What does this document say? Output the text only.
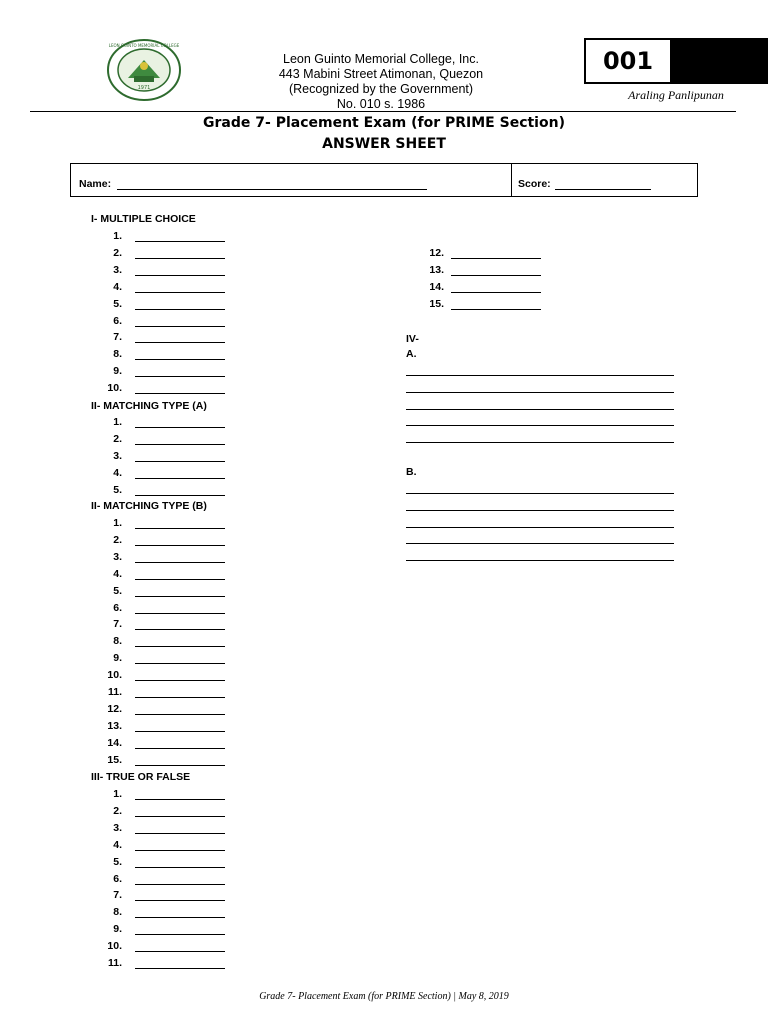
1971
LEON GUINTO MEMORIAL COLLEGE
Leon Guinto Memorial College, Inc.
443 Mabini Street Atimonan, Quezon
(Recognized by the Government)
No. 010 s. 1986
001
Araling Panlipunan
Grade 7- Placement Exam (for PRIME Section)
ANSWER SHEET
Name:	Score:
I- MULTIPLE CHOICE
II- MATCHING TYPE (A)
II- MATCHING TYPE (B)
III- TRUE OR FALSE
IV-
A.
B.
1.
2.
3.
4.
5.
6.
7.
8.
9.
10.
12.
13.
14.
15.
1.
2.
3.
4.
5.
1.
2.
3.
4.
5.
6.
7.
8.
9.
10.
11.
12.
13.
14.
15.
1.
2.
3.
4.
5.
6.
7.
8.
9.
10.
11.
Grade 7- Placement Exam (for PRIME Section) | May 8, 2019
